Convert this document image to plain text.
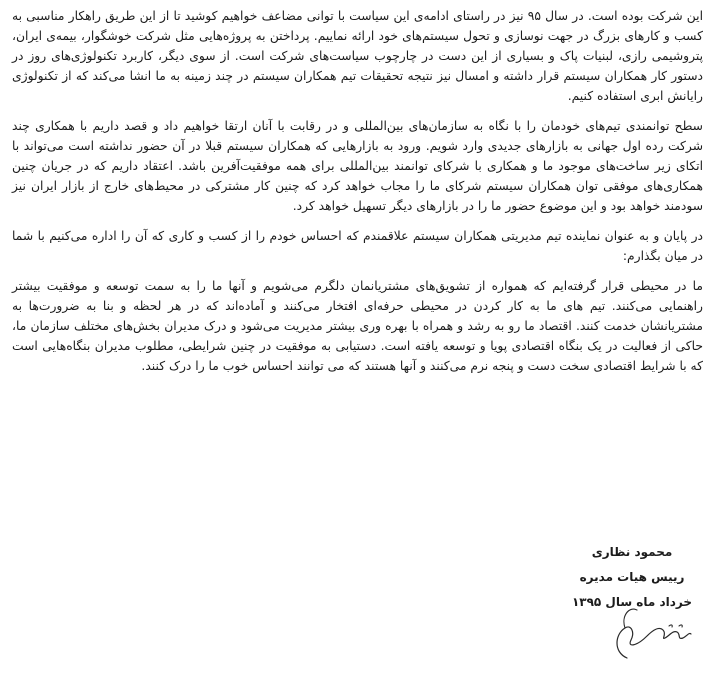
این شرکت بوده است. در سال ۹۵ نیز در راستای ادامه‌ی این سیاست با توانی مضاعف خواهیم کوشید تا از این طریق راهکار مناسبی به کسب و کارهای بزرگ در جهت نوسازی و تحول سیستم‌های خود ارائه نماییم. پرداختن به پروژه‌هایی مثل شرکت خوشگوار، بیمه‌ی ایران، پتروشیمی رازی، لبنیات پاک و بسیاری از این دست در چارچوب سیاست‌های شرکت است. از سوی دیگر، کاربرد تکنولوژی‌های روز در دستور کار همکاران سیستم قرار داشته و امسال نیز نتیجه تحقیقات تیم همکاران سیستم در چند زمینه به ما انشا می‌کند که از تکنولوژی رایانش ابری استفاده کنیم.

سطح توانمندی تیم‌های خودمان را با نگاه به سازمان‌های بین‌المللی و در رقابت با آنان ارتقا خواهیم داد و قصد داریم با همکاری چند شرکت رده اول جهانی به بازارهای جدیدی وارد شویم. ورود به بازارهایی که همکاران سیستم قبلا در آن حضور نداشته است می‌تواند با اتکای زیر ساخت‌های موجود ما و همکاری با شرکای توانمند بین‌المللی برای همه موفقیت‌آفرین باشد. اعتقاد داریم که در جریان چنین همکاری‌های موفقی توان همکاران سیستم شرکای ما را مجاب خواهد کرد که چنین کار مشترکی در محیط‌های خارج از بازار ایران نیز سودمند خواهد بود و این موضوع حضور ما را در بازارهای دیگر تسهیل خواهد کرد.

در پایان و به عنوان نماینده تیم مدیریتی همکاران سیستم علاقمندم که احساس خودم را از کسب و کاری که آن را اداره می‌کنیم با شما در میان بگذارم:

ما در محیطی قرار گرفته‌ایم که همواره از تشویق‌های مشتریانمان دلگرم می‌شویم و آنها ما را به سمت توسعه و موفقیت بیشتر راهنمایی می‌کنند. تیم های ما به کار کردن در محیطی حرفه‌ای افتخار می‌کنند و آماده‌اند که در هر لحظه و بنا به ضرورت‌ها به مشتریانشان خدمت کنند. اقتصاد ما رو به رشد و همراه با بهره وری بیشتر مدیریت می‌شود و درک مدیران بخش‌های مختلف سازمان ما، حاکی از فعالیت در یک بنگاه اقتصادی پویا و توسعه یافته است. دستیابی به موفقیت در چنین شرایطی، مطلوب مدیران بنگاه‌هایی است که با شرایط اقتصادی سخت دست و پنجه نرم می‌کنند و آنها هستند که می توانند احساس خوب ما را درک کنند.

محمود نظاری
رییس هیات مدیره
خرداد ماه سال ۱۳۹۵
